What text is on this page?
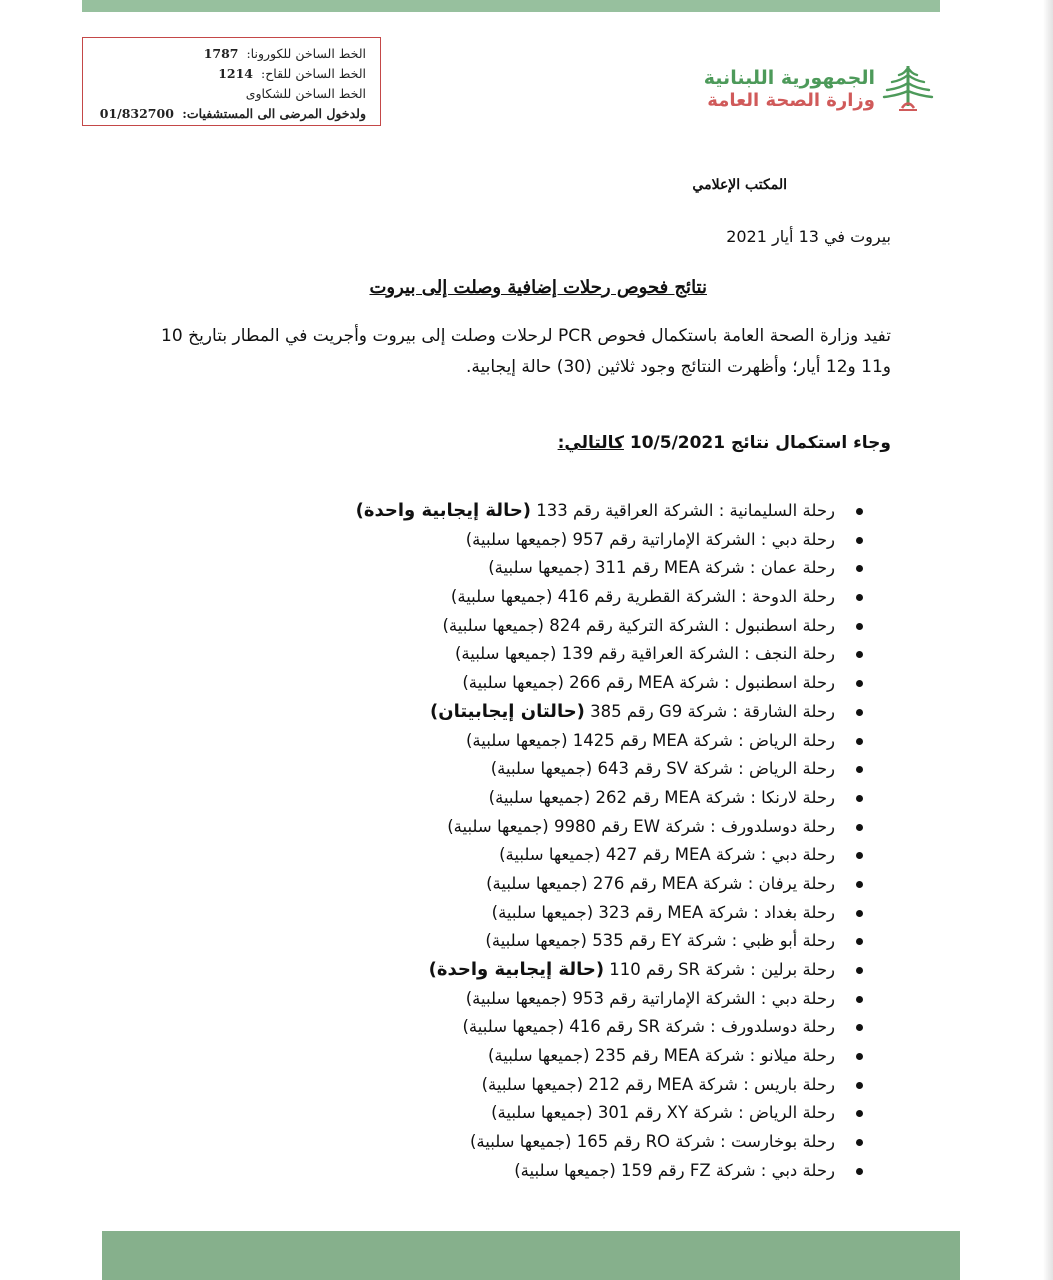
الخط الساخن للكورونا: 1787
الخط الساخن للقاح: 1214
الخط الساخن للشكاوى
ولدخول المرضى الى المستشفيات: 01/832700
الجمهورية اللبنانية
وزارة الصحة العامة
المكتب الإعلامي
بيروت في 13 أيار 2021
نتائج فحوص رحلات إضافية وصلت إلى بيروت
تفيد وزارة الصحة العامة باستكمال فحوص PCR لرحلات وصلت إلى بيروت وأجريت في المطار بتاريخ 10 و11 و12 أيار؛ وأظهرت النتائج وجود ثلاثين (30) حالة إيجابية.
وجاء استكمال نتائج 10/5/2021 كالتالي:
رحلة السليمانية : الشركة العراقية رقم 133 (حالة إيجابية واحدة)
رحلة دبي : الشركة الإماراتية رقم 957 (جميعها سلبية)
رحلة عمان : شركة MEA رقم 311 (جميعها سلبية)
رحلة الدوحة : الشركة القطرية رقم 416 (جميعها سلبية)
رحلة اسطنبول : الشركة التركية رقم 824 (جميعها سلبية)
رحلة النجف : الشركة العراقية رقم 139 (جميعها سلبية)
رحلة اسطنبول : شركة MEA رقم 266 (جميعها سلبية)
رحلة الشارقة : شركة G9 رقم 385 (حالتان إيجابيتان)
رحلة الرياض : شركة MEA رقم 1425 (جميعها سلبية)
رحلة الرياض : شركة SV رقم 643 (جميعها سلبية)
رحلة لارنكا : شركة MEA رقم 262 (جميعها سلبية)
رحلة دوسلدورف : شركة EW رقم 9980 (جميعها سلبية)
رحلة دبي : شركة MEA رقم 427 (جميعها سلبية)
رحلة يرفان : شركة MEA رقم 276 (جميعها سلبية)
رحلة بغداد : شركة MEA رقم 323 (جميعها سلبية)
رحلة أبو ظبي : شركة EY رقم 535 (جميعها سلبية)
رحلة برلين : شركة SR رقم 110 (حالة إيجابية واحدة)
رحلة دبي : الشركة الإماراتية رقم 953 (جميعها سلبية)
رحلة دوسلدورف : شركة SR رقم 416 (جميعها سلبية)
رحلة ميلانو : شركة MEA رقم 235 (جميعها سلبية)
رحلة باريس : شركة MEA رقم 212 (جميعها سلبية)
رحلة الرياض : شركة XY رقم 301 (جميعها سلبية)
رحلة بوخارست : شركة RO رقم 165 (جميعها سلبية)
رحلة دبي : شركة FZ رقم 159 (جميعها سلبية)
